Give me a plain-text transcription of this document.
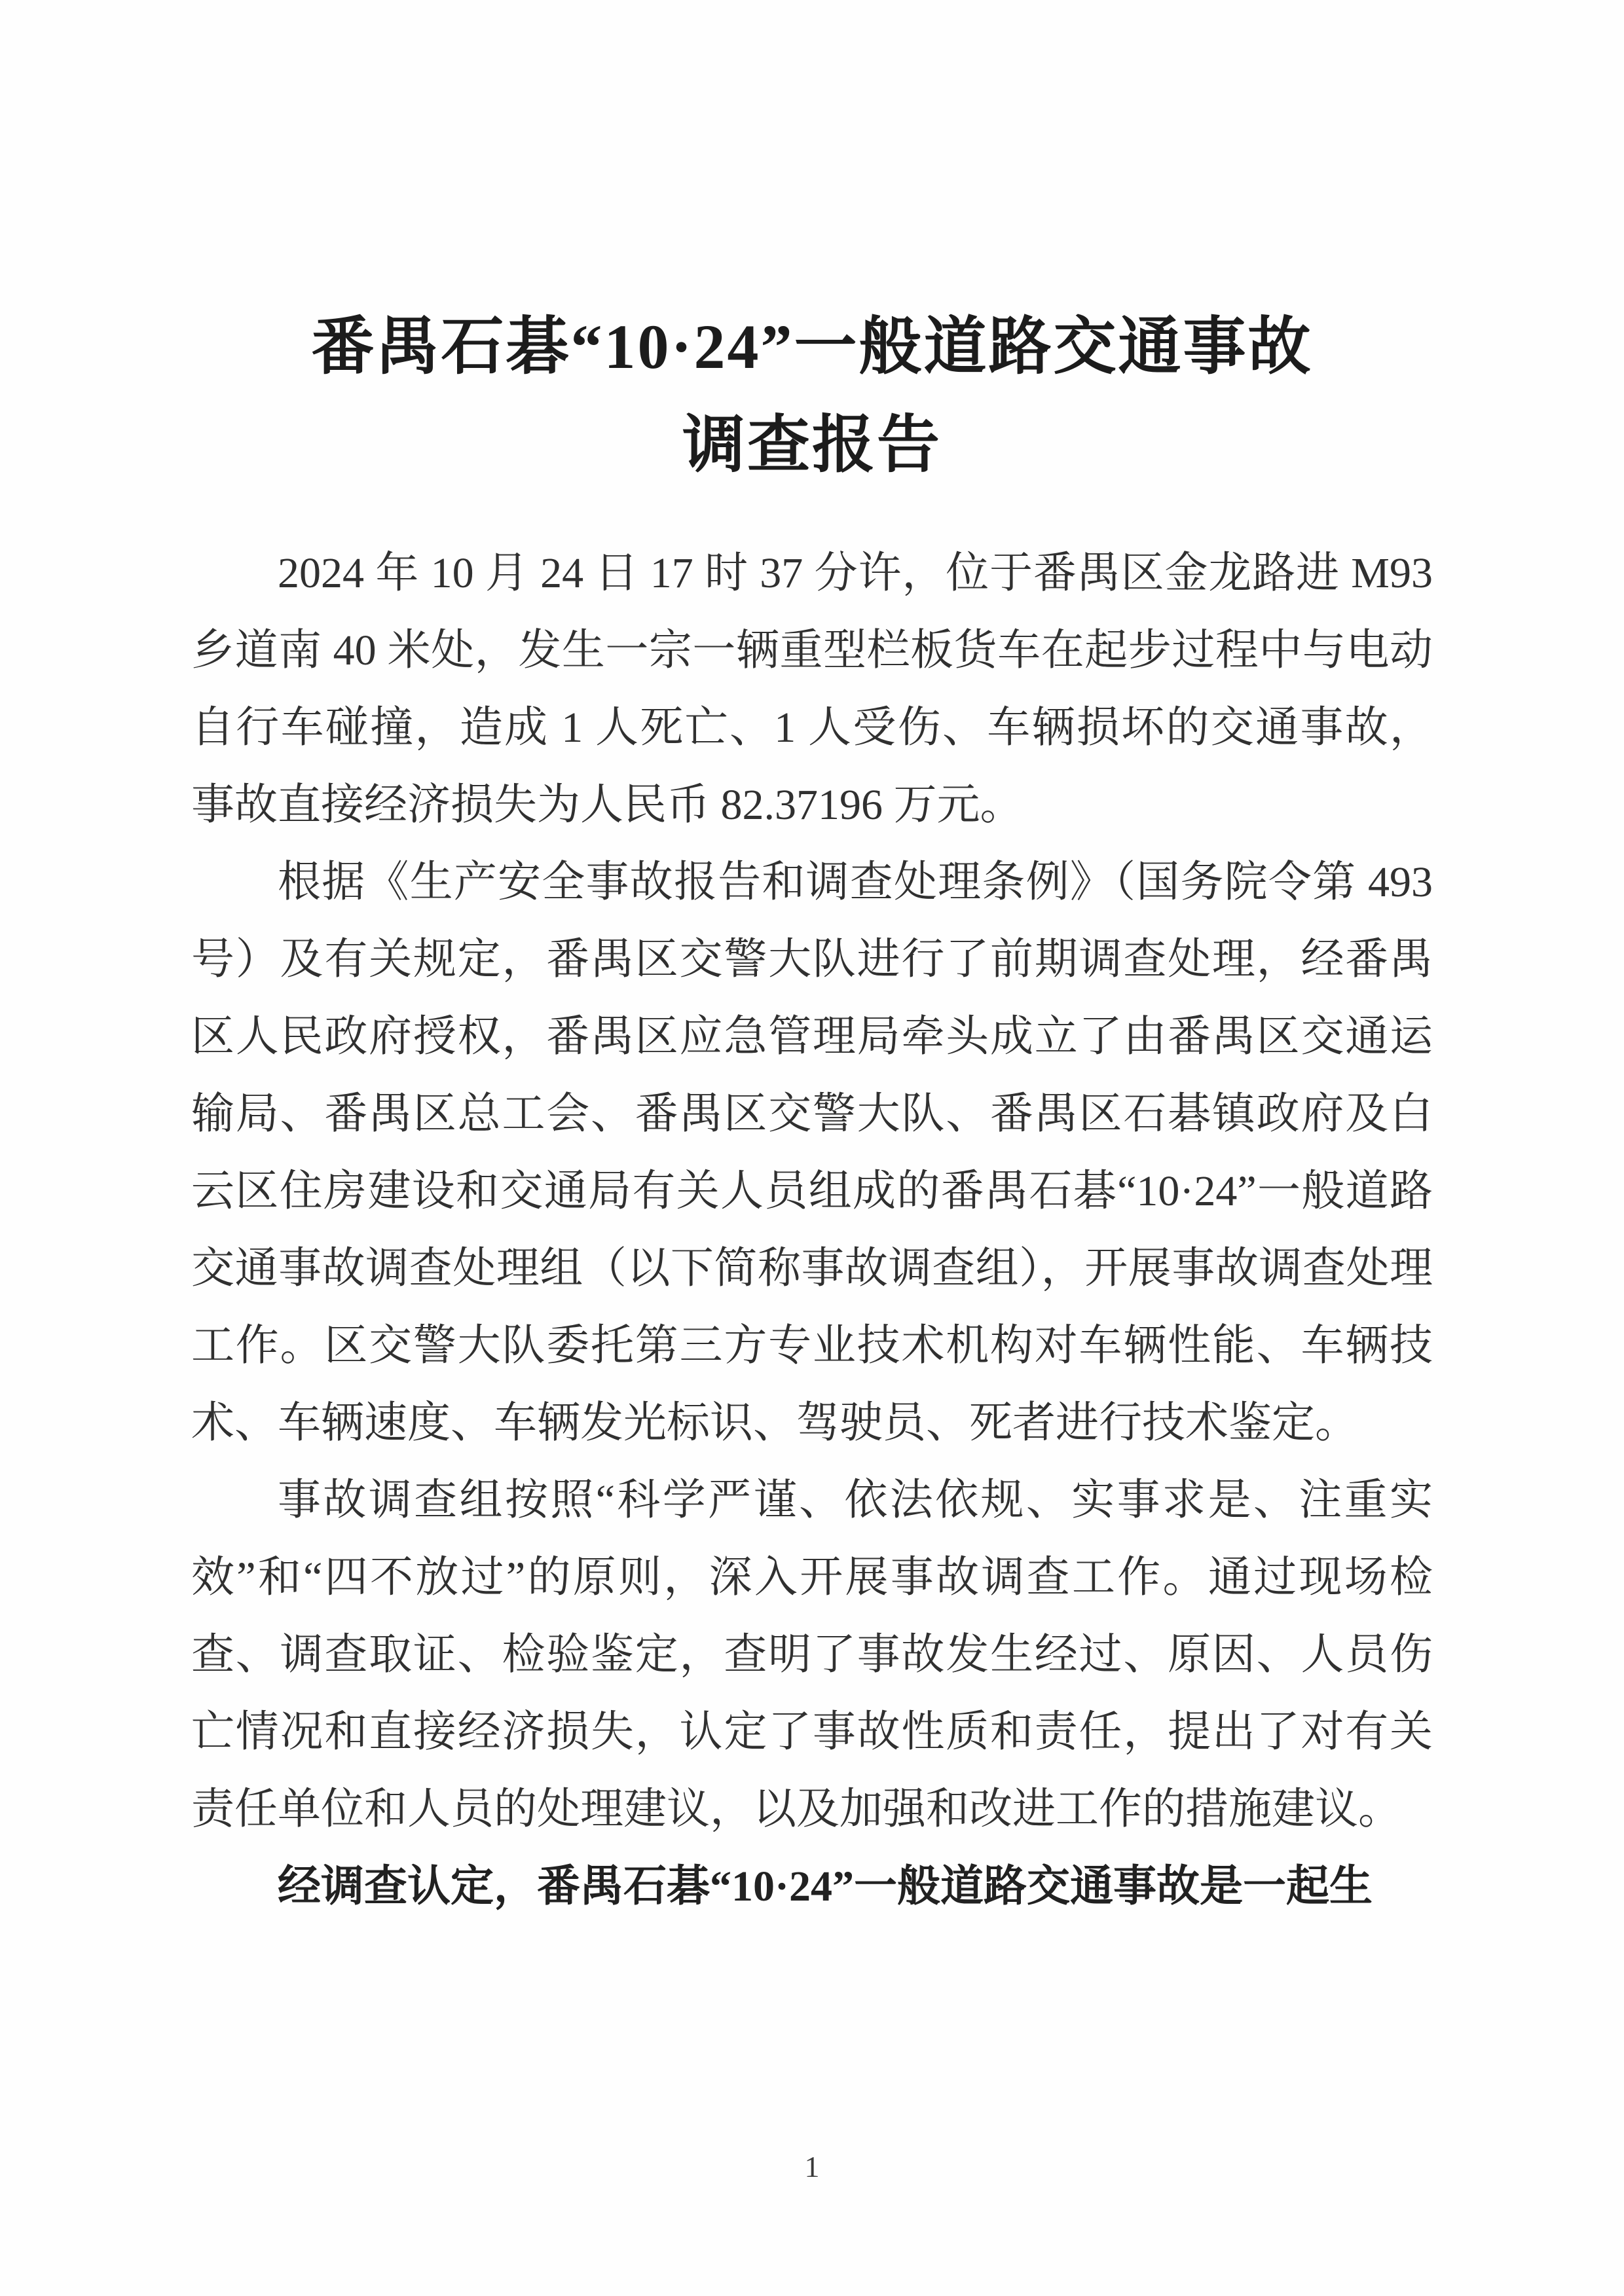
番禺石碁“10·24”一般道路交通事故
调查报告

2024 年 10 月 24 日 17 时 37 分许，位于番禺区金龙路进 M93 乡道南 40 米处，发生一宗一辆重型栏板货车在起步过程中与电动自行车碰撞，造成 1 人死亡、1 人受伤、车辆损坏的交通事故，事故直接经济损失为人民币 82.37196 万元。

根据《生产安全事故报告和调查处理条例》（国务院令第 493 号）及有关规定，番禺区交警大队进行了前期调查处理，经番禺区人民政府授权，番禺区应急管理局牵头成立了由番禺区交通运输局、番禺区总工会、番禺区交警大队、番禺区石碁镇政府及白云区住房建设和交通局有关人员组成的番禺石碁“10·24”一般道路交通事故调查处理组（以下简称事故调查组），开展事故调查处理工作。区交警大队委托第三方专业技术机构对车辆性能、车辆技术、车辆速度、车辆发光标识、驾驶员、死者进行技术鉴定。

事故调查组按照“科学严谨、依法依规、实事求是、注重实效”和“四不放过”的原则，深入开展事故调查工作。通过现场检查、调查取证、检验鉴定，查明了事故发生经过、原因、人员伤亡情况和直接经济损失，认定了事故性质和责任，提出了对有关责任单位和人员的处理建议，以及加强和改进工作的措施建议。

经调查认定，番禺石碁“10·24”一般道路交通事故是一起生

1
